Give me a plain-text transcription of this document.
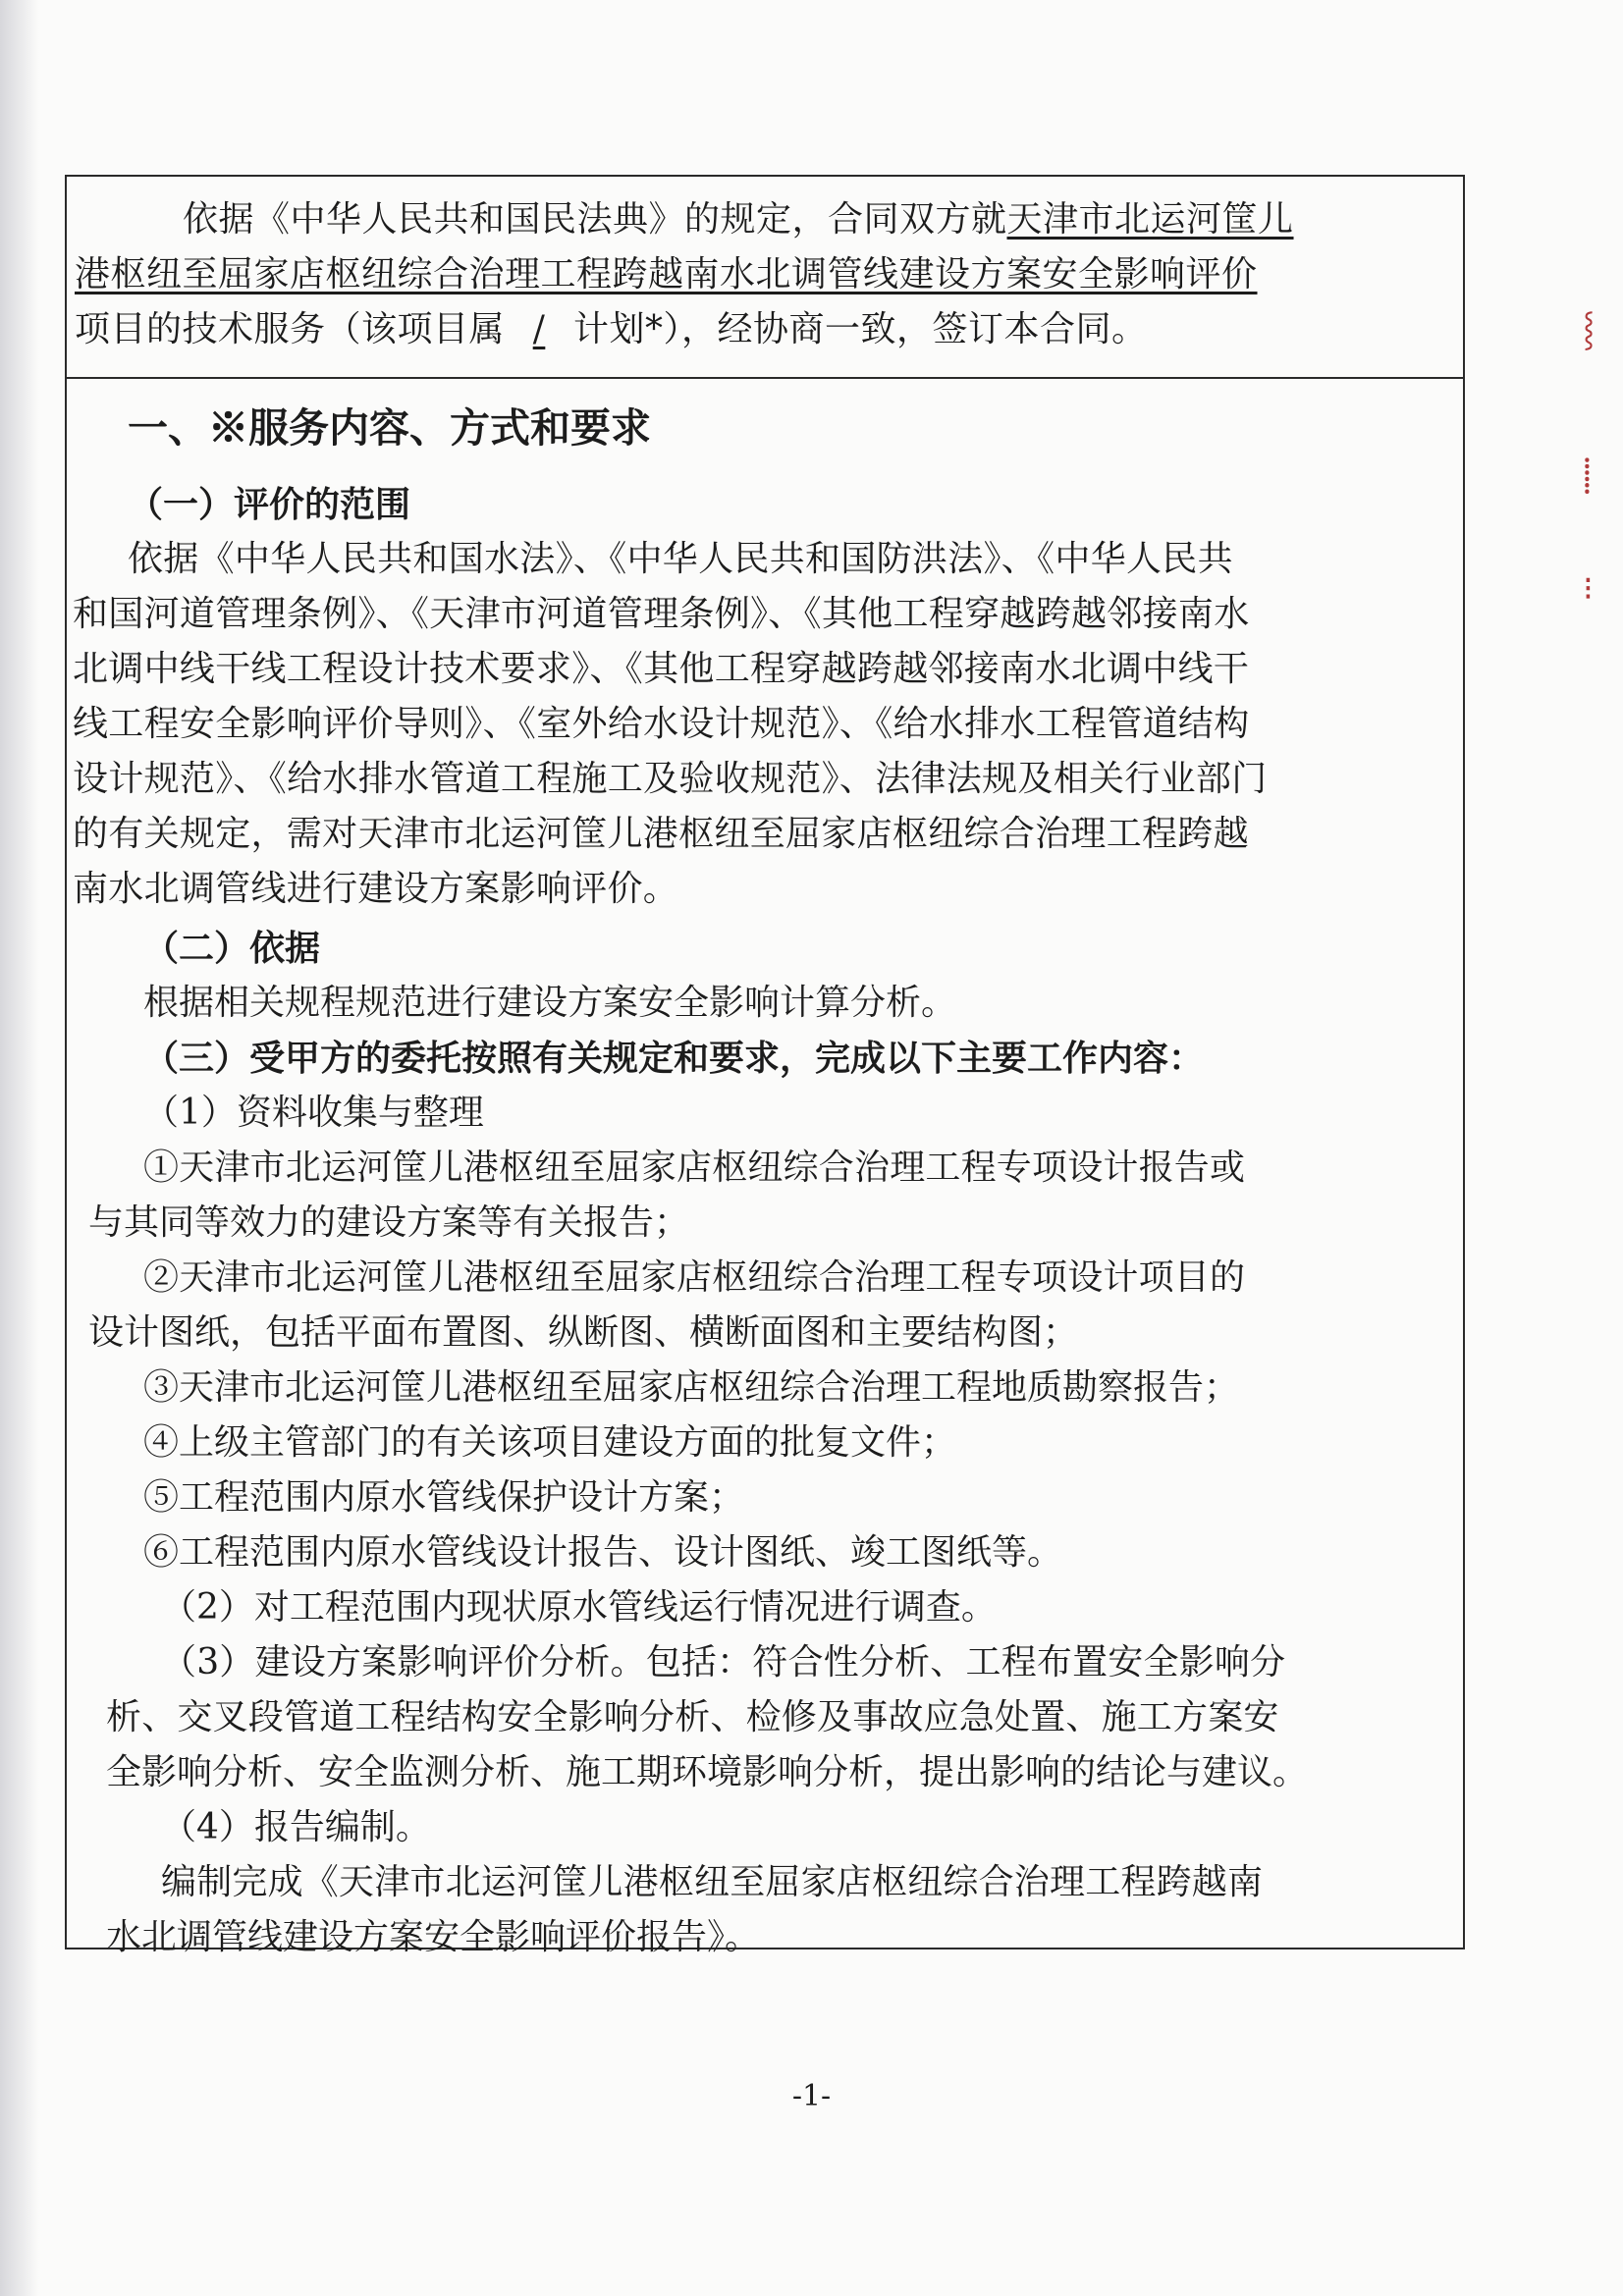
依据《中华人民共和国民法典》的规定，合同双方就天津市北运河筐儿
港枢纽至屈家店枢纽综合治理工程跨越南水北调管线建设方案安全影响评价
项目的技术服务（该项目属 / 计划*），经协商一致，签订本合同。
一、※服务内容、方式和要求
（一）评价的范围
依据《中华人民共和国水法》、《中华人民共和国防洪法》、《中华人民共
和国河道管理条例》、《天津市河道管理条例》、《其他工程穿越跨越邻接南水
北调中线干线工程设计技术要求》、《其他工程穿越跨越邻接南水北调中线干
线工程安全影响评价导则》、《室外给水设计规范》、《给水排水工程管道结构
设计规范》、《给水排水管道工程施工及验收规范》、法律法规及相关行业部门
的有关规定，需对天津市北运河筐儿港枢纽至屈家店枢纽综合治理工程跨越
南水北调管线进行建设方案影响评价。
（二）依据
根据相关规程规范进行建设方案安全影响计算分析。
（三）受甲方的委托按照有关规定和要求，完成以下主要工作内容：
（1）资料收集与整理
①天津市北运河筐儿港枢纽至屈家店枢纽综合治理工程专项设计报告或
与其同等效力的建设方案等有关报告；
②天津市北运河筐儿港枢纽至屈家店枢纽综合治理工程专项设计项目的
设计图纸，包括平面布置图、纵断图、横断面图和主要结构图；
③天津市北运河筐儿港枢纽至屈家店枢纽综合治理工程地质勘察报告；
④上级主管部门的有关该项目建设方面的批复文件；
⑤工程范围内原水管线保护设计方案；
⑥工程范围内原水管线设计报告、设计图纸、竣工图纸等。
（2）对工程范围内现状原水管线运行情况进行调查。
（3）建设方案影响评价分析。包括：符合性分析、工程布置安全影响分
析、交叉段管道工程结构安全影响分析、检修及事故应急处置、施工方案安
全影响分析、安全监测分析、施工期环境影响分析，提出影响的结论与建议。
（4）报告编制。
编制完成《天津市北运河筐儿港枢纽至屈家店枢纽综合治理工程跨越南
水北调管线建设方案安全影响评价报告》。
⸾
⸽
⁝
-1-
